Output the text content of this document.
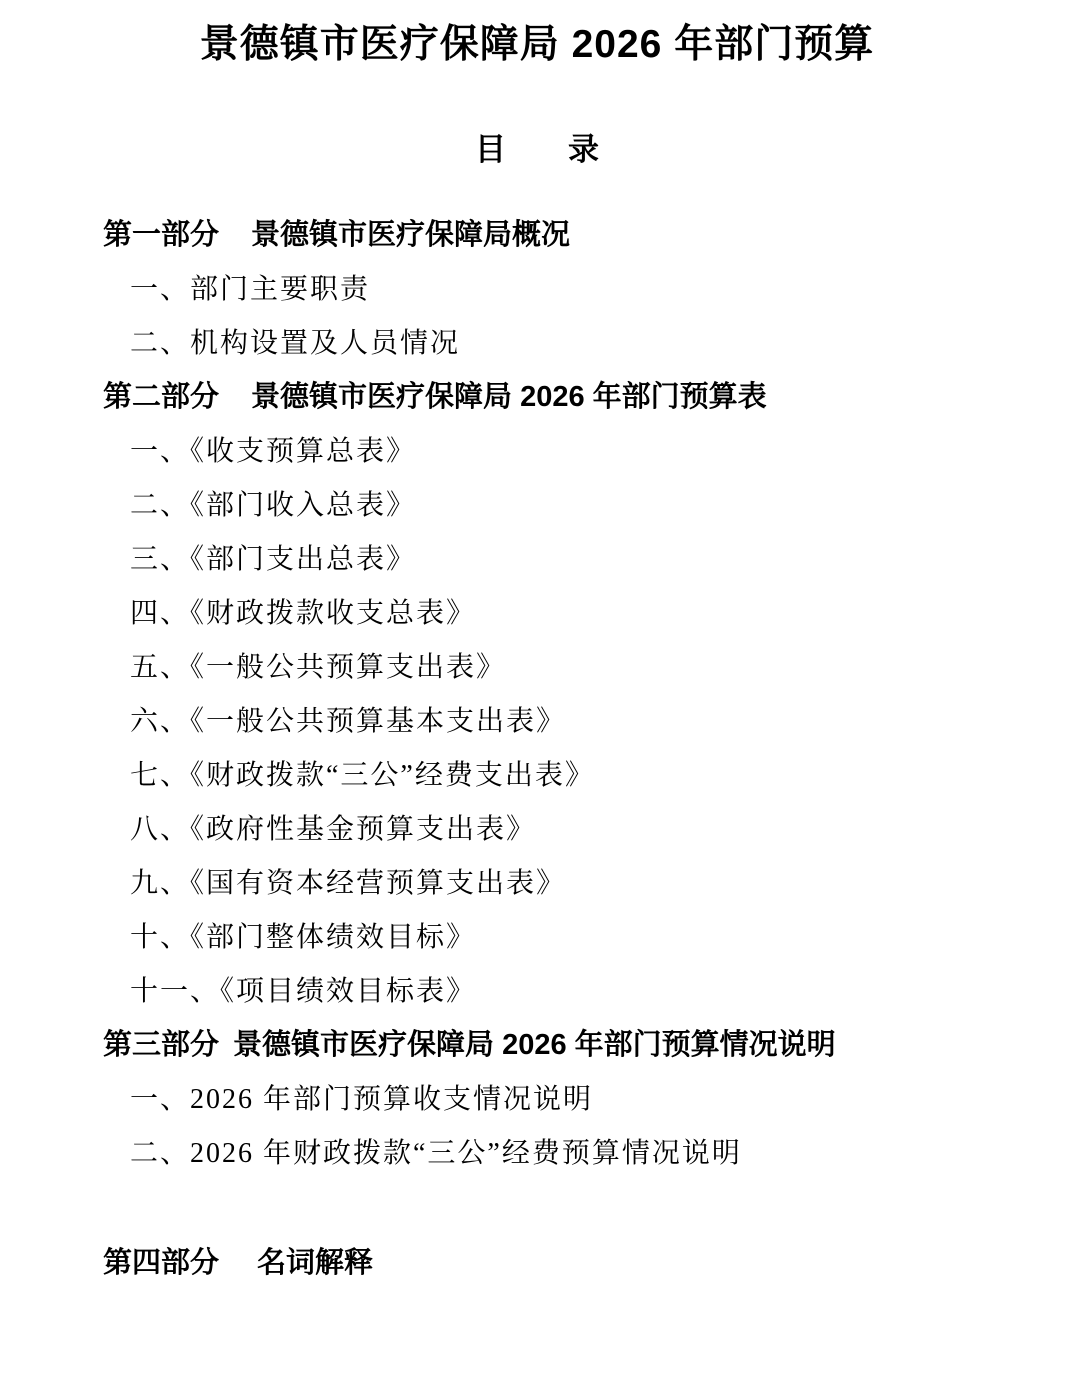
景德镇市医疗保障局 2026 年部门预算
目　　录
第一部分 景德镇市医疗保障局概况
一、部门主要职责
二、机构设置及人员情况
第二部分 景德镇市医疗保障局 2026 年部门预算表
一、《收支预算总表》
二、《部门收入总表》
三、《部门支出总表》
四、《财政拨款收支总表》
五、《一般公共预算支出表》
六、《一般公共预算基本支出表》
七、《财政拨款“三公”经费支出表》
八、《政府性基金预算支出表》
九、《国有资本经营预算支出表》
十、《部门整体绩效目标》
十一、《项目绩效目标表》
第三部分 景德镇市医疗保障局 2026 年部门预算情况说明
一、2026 年部门预算收支情况说明
二、2026 年财政拨款“三公”经费预算情况说明
第四部分 名词解释
